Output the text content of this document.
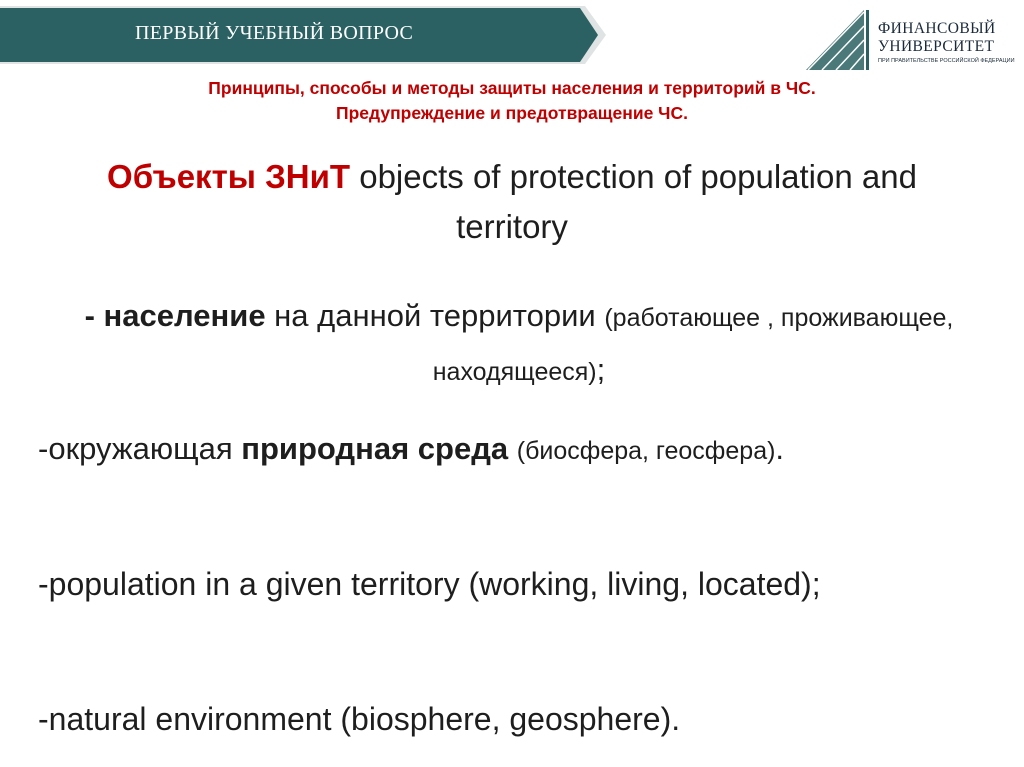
ПЕРВЫЙ УЧЕБНЫЙ ВОПРОС	ФИНАНСОВЫЙ
УНИВЕРСИТЕТ
ПРИ ПРАВИТЕЛЬСТВЕ РОССИЙСКОЙ ФЕДЕРАЦИИ
Принципы, способы и методы защиты населения и территорий в ЧС.
Предупреждение и предотвращение ЧС.
Объекты ЗНиТ objects of protection of population and territory
- население на данной территории (работающее , проживающее, находящееся);
-окружающая природная среда (биосфера, геосфера).
-population in a given territory (working, living, located);
-natural environment (biosphere, geosphere).
